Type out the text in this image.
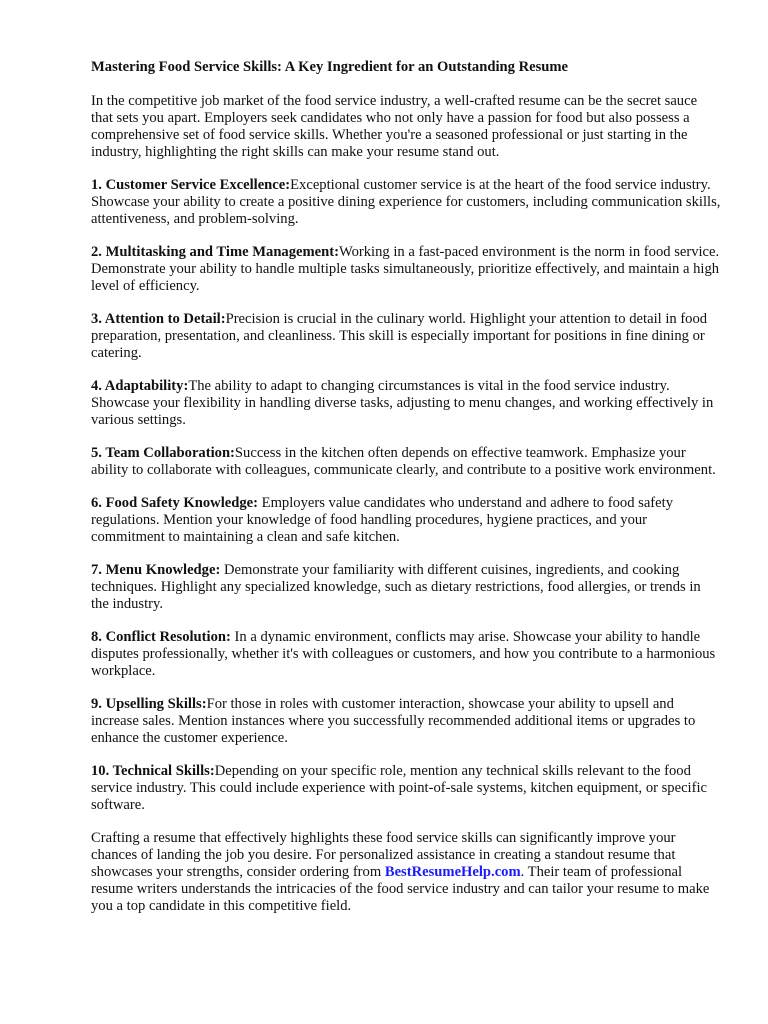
Mastering Food Service Skills: A Key Ingredient for an Outstanding Resume

In the competitive job market of the food service industry, a well-crafted resume can be the secret sauce that sets you apart. Employers seek candidates who not only have a passion for food but also possess a comprehensive set of food service skills. Whether you're a seasoned professional or just starting in the industry, highlighting the right skills can make your resume stand out.

1. Customer Service Excellence:Exceptional customer service is at the heart of the food service industry. Showcase your ability to create a positive dining experience for customers, including communication skills, attentiveness, and problem-solving.

2. Multitasking and Time Management:Working in a fast-paced environment is the norm in food service. Demonstrate your ability to handle multiple tasks simultaneously, prioritize effectively, and maintain a high level of efficiency.

3. Attention to Detail:Precision is crucial in the culinary world. Highlight your attention to detail in food preparation, presentation, and cleanliness. This skill is especially important for positions in fine dining or catering.

4. Adaptability:The ability to adapt to changing circumstances is vital in the food service industry. Showcase your flexibility in handling diverse tasks, adjusting to menu changes, and working effectively in various settings.

5. Team Collaboration:Success in the kitchen often depends on effective teamwork. Emphasize your ability to collaborate with colleagues, communicate clearly, and contribute to a positive work environment.

6. Food Safety Knowledge: Employers value candidates who understand and adhere to food safety regulations. Mention your knowledge of food handling procedures, hygiene practices, and your commitment to maintaining a clean and safe kitchen.

7. Menu Knowledge: Demonstrate your familiarity with different cuisines, ingredients, and cooking techniques. Highlight any specialized knowledge, such as dietary restrictions, food allergies, or trends in the industry.

8. Conflict Resolution: In a dynamic environment, conflicts may arise. Showcase your ability to handle disputes professionally, whether it's with colleagues or customers, and how you contribute to a harmonious workplace.

9. Upselling Skills:For those in roles with customer interaction, showcase your ability to upsell and increase sales. Mention instances where you successfully recommended additional items or upgrades to enhance the customer experience.

10. Technical Skills:Depending on your specific role, mention any technical skills relevant to the food service industry. This could include experience with point-of-sale systems, kitchen equipment, or specific software.

Crafting a resume that effectively highlights these food service skills can significantly improve your chances of landing the job you desire. For personalized assistance in creating a standout resume that showcases your strengths, consider ordering from BestResumeHelp.com. Their team of professional resume writers understands the intricacies of the food service industry and can tailor your resume to make you a top candidate in this competitive field.
